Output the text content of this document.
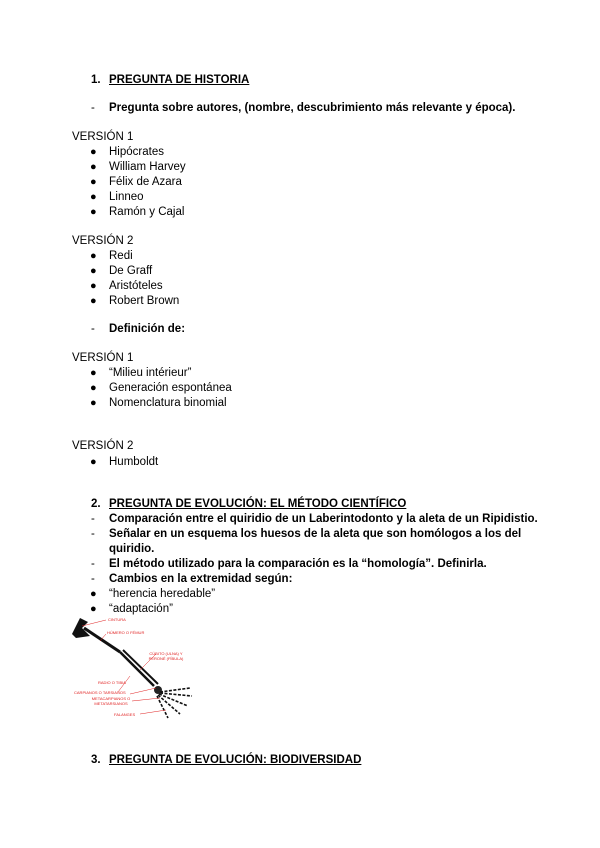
1. PREGUNTA DE HISTORIA
- Pregunta sobre autores, (nombre, descubrimiento más relevante y época).
VERSIÓN 1
● Hipócrates
● William Harvey
● Félix de Azara
● Linneo
● Ramón y Cajal
VERSIÓN 2
● Redi
● De Graff
● Aristóteles
● Robert Brown
- Definición de:
VERSIÓN 1
● “Milieu intérieur”
● Generación espontánea
● Nomenclatura binomial
VERSIÓN 2
● Humboldt
2. PREGUNTA DE EVOLUCIÓN: EL MÉTODO CIENTÍFICO
- Comparación entre el quiridio de un Laberintodonto y la aleta de un Ripidistio.
- Señalar en un esquema los huesos de la aleta que son homólogos a los del
quiridio.
- El método utilizado para la comparación es la “homología”. Definirla.
- Cambios en la extremidad según:
● “herencia heredable”
● “adaptación”
CINTURA
HÚMERO O FÉMUR
CÚBITO (ULNA) Y PERONÉ (FÍBULA)
RADIO O TIBIA
CARPIANOS O TARSIANOS
METACARPIANOS O METATARSIANOS
FALANGES
3. PREGUNTA DE EVOLUCIÓN: BIODIVERSIDAD
